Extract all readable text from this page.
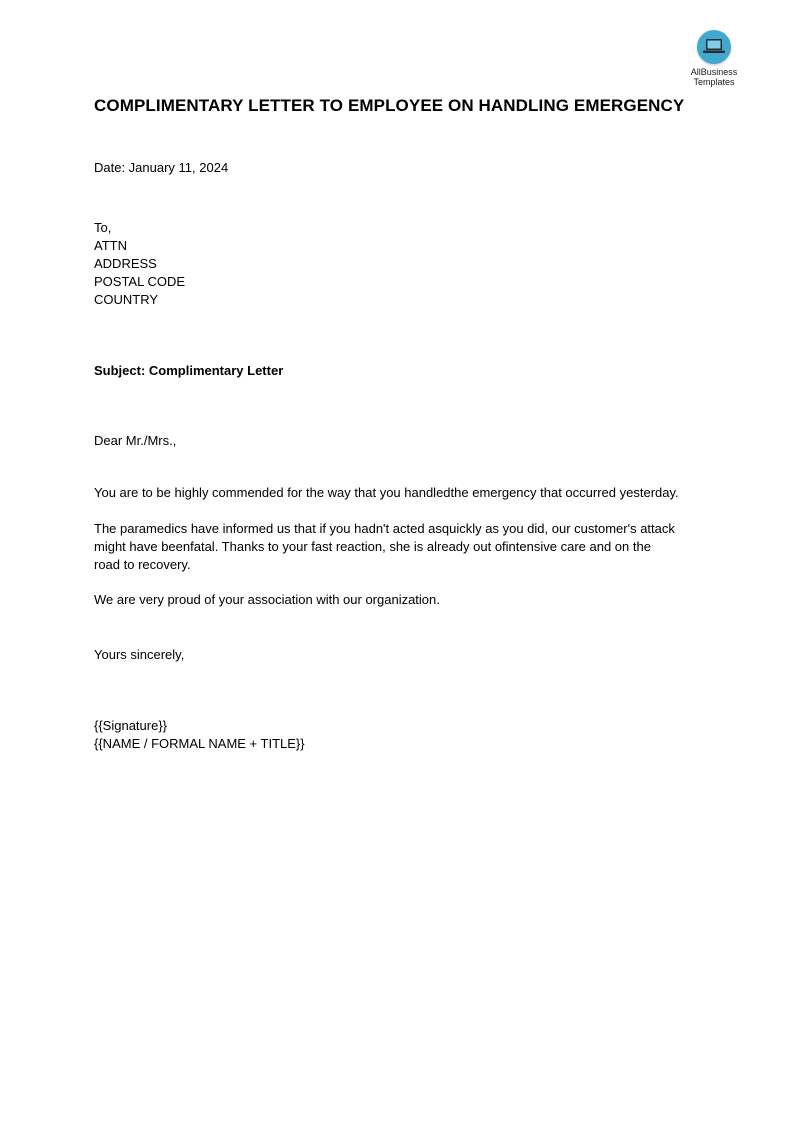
AllBusiness
Templates
COMPLIMENTARY LETTER TO EMPLOYEE ON HANDLING EMERGENCY
Date: January 11, 2024
To,
ATTN
ADDRESS
POSTAL CODE
COUNTRY
Subject: Complimentary Letter
Dear Mr./Mrs.,
You are to be highly commended for the way that you handledthe emergency that occurred yesterday.
The paramedics have informed us that if you hadn't acted asquickly as you did, our customer's attack
might have beenfatal. Thanks to your fast reaction, she is already out ofintensive care and on the
road to recovery.
We are very proud of your association with our organization.
Yours sincerely,
{{Signature}}
{{NAME / FORMAL NAME + TITLE}}
